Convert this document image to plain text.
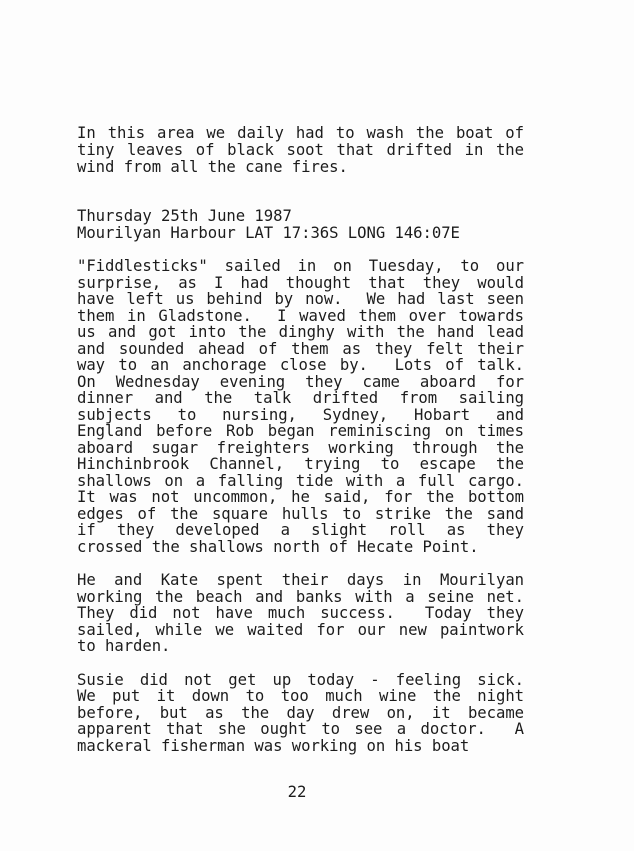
In this area we daily had to wash the boat of
tiny leaves of black soot that drifted in the
wind from all the cane fires.
Thursday 25th June 1987
Mourilyan Harbour LAT 17:36S LONG 146:07E
"Fiddlesticks" sailed in on Tuesday, to our
surprise, as I had thought that they would
have left us behind by now.  We had last seen
them in Gladstone.  I waved them over towards
us and got into the dinghy with the hand lead
and sounded ahead of them as they felt their
way to an anchorage close by.  Lots of talk.
On Wednesday evening they came aboard for
dinner and the talk drifted from sailing
subjects to nursing, Sydney, Hobart and
England before Rob began reminiscing on times
aboard sugar freighters working through the
Hinchinbrook Channel, trying to escape the
shallows on a falling tide with a full cargo.
It was not uncommon, he said, for the bottom
edges of the square hulls to strike the sand
if they developed a slight roll as they
crossed the shallows north of Hecate Point.
He and Kate spent their days in Mourilyan
working the beach and banks with a seine net.
They did not have much success.  Today they
sailed, while we waited for our new paintwork
to harden.
Susie did not get up today - feeling sick.
We put it down to too much wine the night
before, but as the day drew on, it became
apparent that she ought to see a doctor.  A
mackeral fisherman was working on his boat
22
